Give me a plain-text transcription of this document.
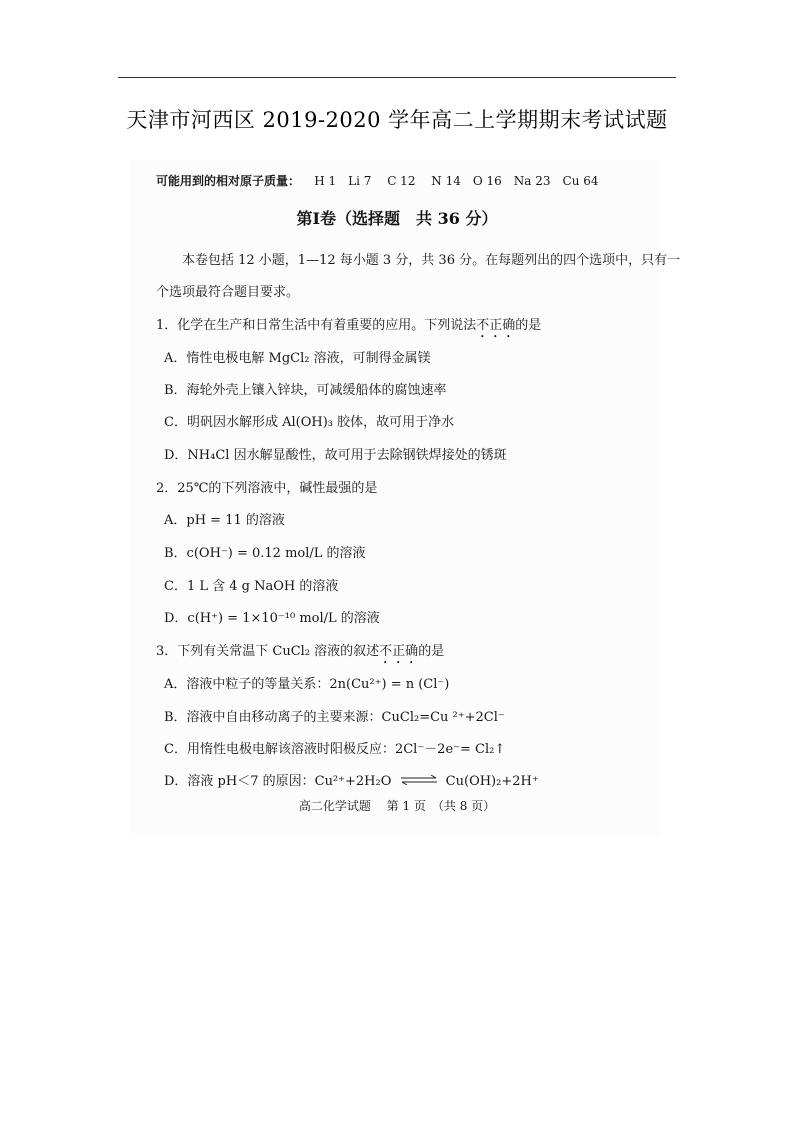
天津市河西区 2019-2020 学年高二上学期期末考试试题
可能用到的相对原子质量： H 1　Li 7　 C 12　 N 14　O 16　Na 23　Cu 64
第Ⅰ卷（选择题　共 36 分）
本卷包括 12 小题，1—12 每小题 3 分，共 36 分。在每题列出的四个选项中，只有一
个选项最符合题目要求。
1．化学在生产和日常生活中有着重要的应用。下列说法不正确的是
A．惰性电极电解 MgCl₂ 溶液，可制得金属镁
B．海轮外壳上镶入锌块，可减缓船体的腐蚀速率
C．明矾因水解形成 Al(OH)₃ 胶体，故可用于净水
D．NH₄Cl 因水解显酸性，故可用于去除钢铁焊接处的锈斑
2．25℃的下列溶液中，碱性最强的是
A．pH = 11 的溶液
B．c(OH⁻) = 0.12 mol/L 的溶液
C．1 L 含 4 g NaOH 的溶液
D．c(H⁺) = 1×10⁻¹⁰ mol/L 的溶液
3．下列有关常温下 CuCl₂ 溶液的叙述不正确的是
A．溶液中粒子的等量关系：2n(Cu²⁺) = n (Cl⁻)
B．溶液中自由移动离子的主要来源：CuCl₂=Cu ²⁺+2Cl⁻
C．用惰性电极电解该溶液时阳极反应：2Cl⁻－2e⁻= Cl₂↑
D．溶液 pH＜7 的原因：Cu²⁺+2H₂O ⇌ Cu(OH)₂+2H⁺
高二化学试题　 第 1 页　（共 8 页）
